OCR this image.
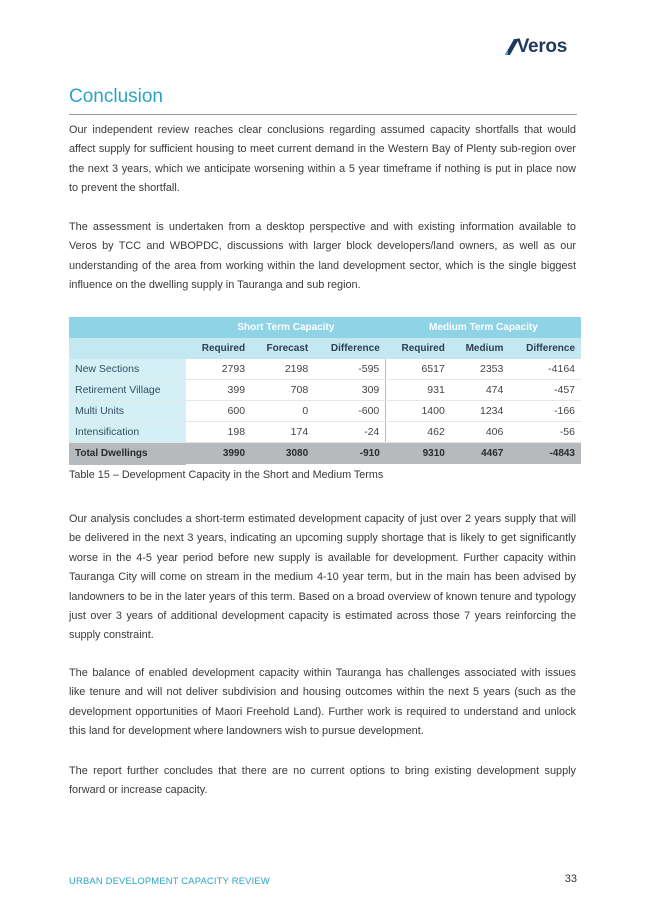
Veros
Conclusion

Our independent review reaches clear conclusions regarding assumed capacity shortfalls that would affect supply for sufficient housing to meet current demand in the Western Bay of Plenty sub-region over the next 3 years, which we anticipate worsening within a 5 year timeframe if nothing is put in place now to prevent the shortfall.

The assessment is undertaken from a desktop perspective and with existing information available to Veros by TCC and WBOPDC, discussions with larger block developers/land owners, as well as our understanding of the area from working within the land development sector, which is the single biggest influence on the dwelling supply in Tauranga and sub region.

	Short Term Capacity			Medium Term Capacity		
	Required	Forecast	Difference	Required	Medium	Difference
New Sections	2793	2198	-595	6517	2353	-4164
Retirement Village	399	708	309	931	474	-457
Multi Units	600	0	-600	1400	1234	-166
Intensification	198	174	-24	462	406	-56
Total Dwellings	3990	3080	-910	9310	4467	-4843

Table 15 – Development Capacity in the Short and Medium Terms

Our analysis concludes a short-term estimated development capacity of just over 2 years supply that will be delivered in the next 3 years, indicating an upcoming supply shortage that is likely to get significantly worse in the 4-5 year period before new supply is available for development. Further capacity within Tauranga City will come on stream in the medium 4-10 year term, but in the main has been advised by landowners to be in the later years of this term. Based on a broad overview of known tenure and typology just over 3 years of additional development capacity is estimated across those 7 years reinforcing the supply constraint.

The balance of enabled development capacity within Tauranga has challenges associated with issues like tenure and will not deliver subdivision and housing outcomes within the next 5 years (such as the development opportunities of Maori Freehold Land). Further work is required to understand and unlock this land for development where landowners wish to pursue development.

The report further concludes that there are no current options to bring existing development supply forward or increase capacity.

URBAN DEVELOPMENT CAPACITY REVIEW	33
